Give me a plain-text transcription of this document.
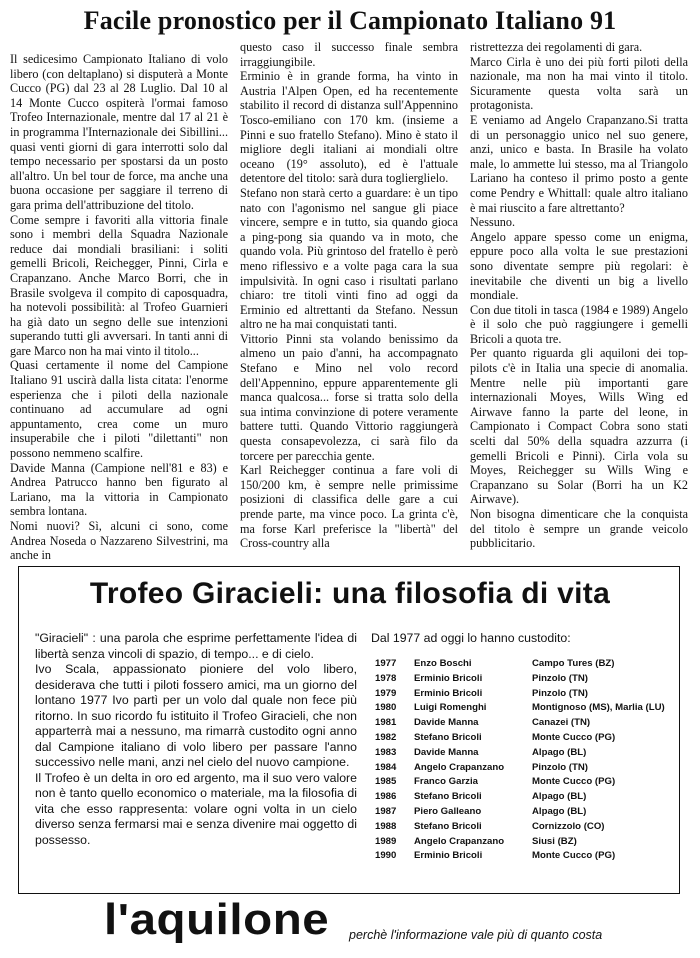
Facile pronostico per il Campionato Italiano 91

Il sedicesimo Campionato Italiano di volo libero (con deltaplano) si disputerà a Monte Cucco (PG) dal 23 al 28 Luglio. Dal 10 al 14 Monte Cucco ospiterà l'ormai famoso Trofeo Internazionale, mentre dal 17 al 21 è in programma l'Internazionale dei Sibillini... quasi venti giorni di gara interrotti solo dal tempo necessario per spostarsi da un posto all'altro. Un bel tour de force, ma anche una buona occasione per saggiare il terreno di gara prima dell'attribuzione del titolo.

Come sempre i favoriti alla vittoria finale sono i membri della Squadra Nazionale reduce dai mondiali brasiliani: i soliti gemelli Bricoli, Reichegger, Pinni, Cirla e Crapanzano. Anche Marco Borri, che in Brasile svolgeva il compito di caposquadra, ha notevoli possibilità: al Trofeo Guarnieri ha già dato un segno delle sue intenzioni superando tutti gli avversari. In tanti anni di gare Marco non ha mai vinto il titolo...

Quasi certamente il nome del Campione Italiano 91 uscirà dalla lista citata: l'enorme esperienza che i piloti della nazionale continuano ad accumulare ad ogni appuntamento, crea come un muro insuperabile che i piloti "dilettanti" non possono nemmeno scalfire.

Davide Manna (Campione nell'81 e 83) e Andrea Patrucco hanno ben figurato al Lariano, ma la vittoria in Campionato sembra lontana.

Nomi nuovi? Sì, alcuni ci sono, come Andrea Noseda o Nazzareno Silvestrini, ma anche in

questo caso il successo finale sembra irraggiungibile.

Erminio è in grande forma, ha vinto in Austria l'Alpen Open, ed ha recentemente stabilito il record di distanza sull'Appennino Tosco-emiliano con 170 km. (insieme a Pinni e suo fratello Stefano). Mino è stato il migliore degli italiani ai mondiali oltre oceano (19° assoluto), ed è l'attuale detentore del titolo: sarà dura toglierglielo.

Stefano non starà certo a guardare: è un tipo nato con l'agonismo nel sangue gli piace vincere, sempre e in tutto, sia quando gioca a ping-pong sia quando va in moto, che quando vola. Più grintoso del fratello è però meno riflessivo e a volte paga cara la sua impulsività. In ogni caso i risultati parlano chiaro: tre titoli vinti fino ad oggi da Erminio ed altrettanti da Stefano. Nessun altro ne ha mai conquistati tanti.

Vittorio Pinni sta volando benissimo da almeno un paio d'anni, ha accompagnato Stefano e Mino nel volo record dell'Appennino, eppure apparentemente gli manca qualcosa... forse si tratta solo della sua intima convinzione di potere veramente battere tutti. Quando Vittorio raggiungerà questa consapevolezza, ci sarà filo da torcere per parecchia gente.

Karl Reichegger continua a fare voli di 150/200 km, è sempre nelle primissime posizioni di classifica delle gare a cui prende parte, ma vince poco. La grinta c'è, ma forse Karl preferisce la "libertà" del Cross-country alla

ristrettezza dei regolamenti di gara.

Marco Cirla è uno dei più forti piloti della nazionale, ma non ha mai vinto il titolo. Sicuramente questa volta sarà un protagonista.

E veniamo ad Angelo Crapanzano.Si tratta di un personaggio unico nel suo genere, anzi, unico e basta. In Brasile ha volato male, lo ammette lui stesso, ma al Triangolo Lariano ha conteso il primo posto a gente come Pendry e Whittall: quale altro italiano è mai riuscito a fare altrettanto?

Nessuno.

Angelo appare spesso come un enigma, eppure poco alla volta le sue prestazioni sono diventate sempre più regolari: è inevitabile che diventi un big a livello mondiale.

Con due titoli in tasca (1984 e 1989) Angelo è il solo che può raggiungere i gemelli Bricoli a quota tre.

Per quanto riguarda gli aquiloni dei top-pilots c'è in Italia una specie di anomalia. Mentre nelle più importanti gare internazionali Moyes, Wills Wing ed Airwave fanno la parte del leone, in Campionato i Compact Cobra sono stati scelti dal 50% della squadra azzurra (i gemelli Bricoli e Pinni). Cirla vola su Moyes, Reichegger su Wills Wing e Crapanzano su Solar (Borri ha un K2 Airwave).

Non bisogna dimenticare che la conquista del titolo è sempre un grande veicolo pubblicitario.

Trofeo Giracieli: una filosofia di vita

"Giracieli" : una parola che esprime perfettamente l'idea di libertà senza vincoli di spazio, di tempo... e di cielo.

Ivo Scala, appassionato pioniere del volo libero, desiderava che tutti i piloti fossero amici, ma un giorno del lontano 1977 Ivo partì per un volo dal quale non fece più ritorno. In suo ricordo fu istituito il Trofeo Giracieli, che non apparterrà mai a nessuno, ma rimarrà custodito ogni anno dal Campione italiano di volo libero per passare l'anno successivo nelle mani, anzi nel cielo del nuovo campione.

Il Trofeo è un delta in oro ed argento, ma il suo vero valore non è tanto quello economico o materiale, ma la filosofia di vita che esso rappresenta: volare ogni volta in un cielo diverso senza fermarsi mai e senza divenire mai oggetto di possesso.

Dal 1977 ad oggi lo hanno custodito:
1977 Enzo Boschi	Campo Tures (BZ)
1978 Erminio Bricoli	Pinzolo (TN)
1979 Erminio Bricoli	Pinzolo (TN)
1980 Luigi Romenghi	Montignoso (MS), Marlia (LU)
1981 Davide Manna	Canazei (TN)
1982 Stefano Bricoli	Monte Cucco (PG)
1983 Davide Manna	Alpago (BL)
1984 Angelo Crapanzano	Pinzolo (TN)
1985 Franco Garzia	Monte Cucco (PG)
1986 Stefano Bricoli	Alpago (BL)
1987 Piero Galleano	Alpago (BL)
1988 Stefano Bricoli	Cornizzolo (CO)
1989 Angelo Crapanzano	Siusi (BZ)
1990 Erminio Bricoli	Monte Cucco (PG)
l'aquilone perchè l'informazione vale più di quanto costa
